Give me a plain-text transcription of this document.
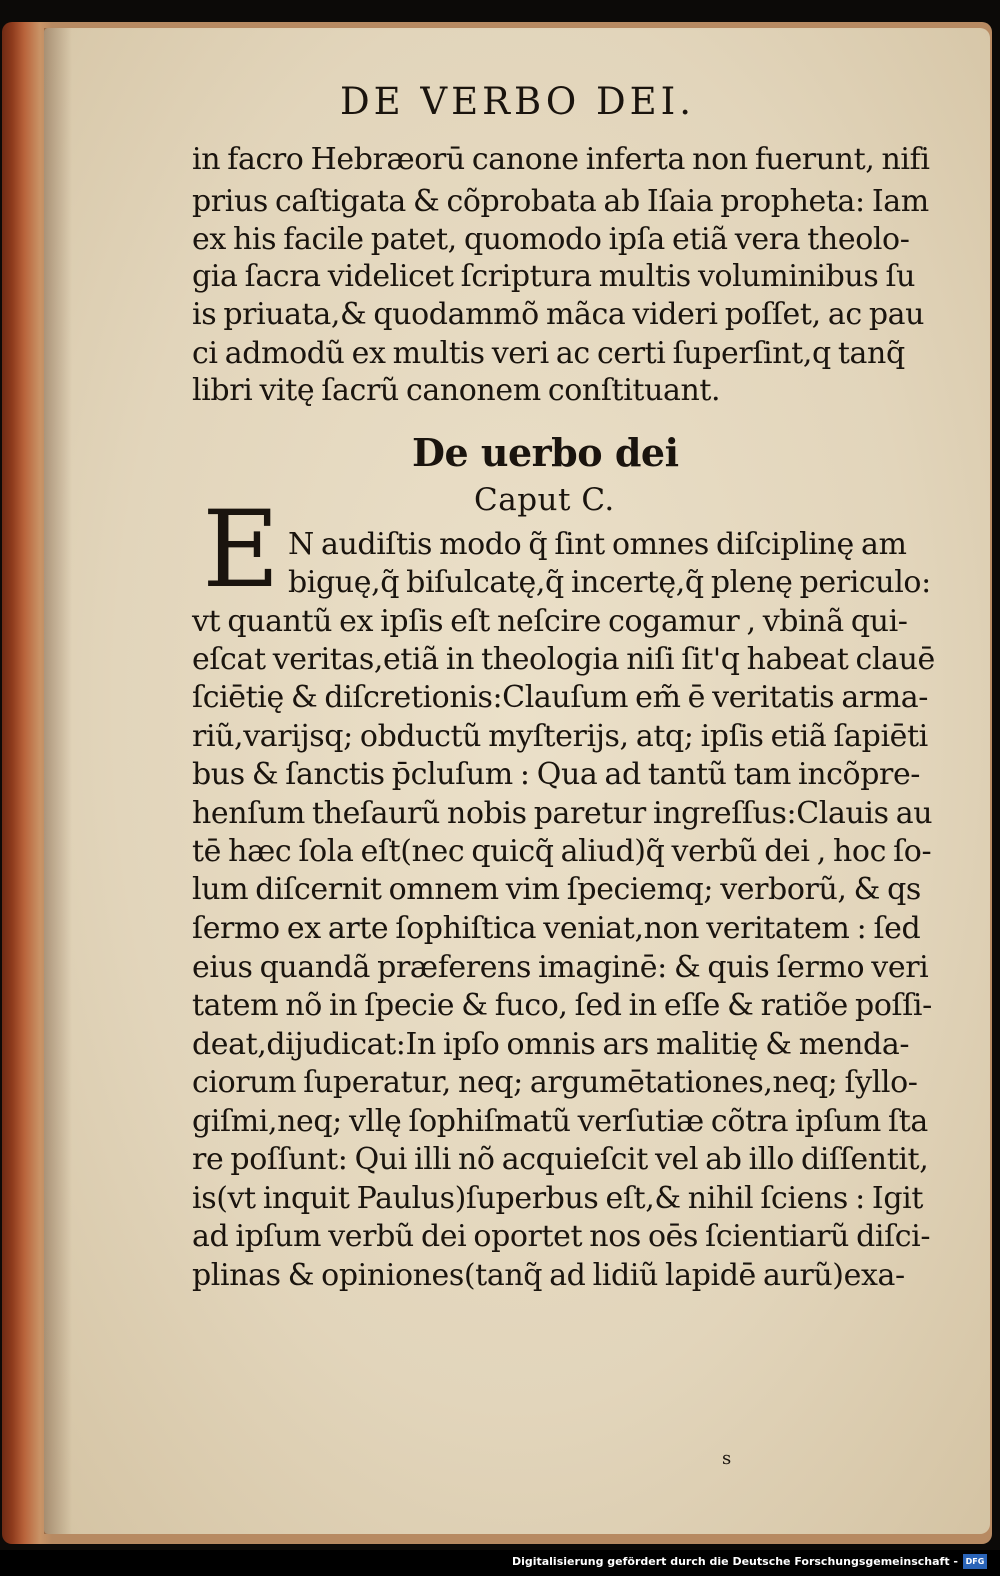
DE VERBO DEI.
in facro Hebræorū canone inferta non fuerunt, nifi
prius caſtigata & cõprobata ab Iſaia propheta: Iam
ex his facile patet, quomodo ipſa etiã vera theolo-
gia ſacra videlicet ſcriptura multis voluminibus ſu
is priuata,& quodammõ mãca videri poſſet, ac pau
ci admodũ ex multis veri ac certi ſuperſint,q tanq̃
libri vitę ſacrũ canonem conſtituant.
De uerbo dei
Caput C.
E N audiſtis modo q̃ ſint omnes diſciplinę am
biguę,q̃ biſulcatę,q̃ incertę,q̃ plenę periculo:
vt quantũ ex ipſis eſt neſcire cogamur , vbinã qui-
eſcat veritas,etiã in theologia niſi ſit'q habeat clauē
ſciētię & diſcretionis:Clauſum em̃ ē veritatis arma-
riũ,varijsq; obductũ myſterijs, atq; ipſis etiã ſapiēti
bus & ſanctis p̄cluſum : Qua ad tantũ tam incõpre-
henſum theſaurũ nobis paretur ingreſſus:Clauis au
tē hæc ſola eſt(nec quicq̃ aliud)q̃ verbũ dei , hoc ſo-
lum diſcernit omnem vim ſpeciemq; verborũ, & qs
ſermo ex arte ſophiſtica veniat,non veritatem : ſed
eius quandã præferens imaginē: & quis ſermo veri
tatem nõ in ſpecie & fuco, ſed in eſſe & ratiõe poſſi-
deat,dijudicat:In ipſo omnis ars malitię & menda-
ciorum ſuperatur, neq; argumētationes,neq; ſyllo-
giſmi,neq; vllę ſophiſmatũ verſutiæ cõtra ipſum ſta
re poſſunt: Qui illi nõ acquieſcit vel ab illo diſſentit,
is(vt inquit Paulus)ſuperbus eſt,& nihil ſciens : Igit
ad ipſum verbũ dei oportet nos oēs ſcientiarũ diſci-
plinas & opiniones(tanq̃ ad lidiũ lapidē aurũ)exa-
s
Digitalisierung gefördert durch die Deutsche Forschungsgemeinschaft - DFG
